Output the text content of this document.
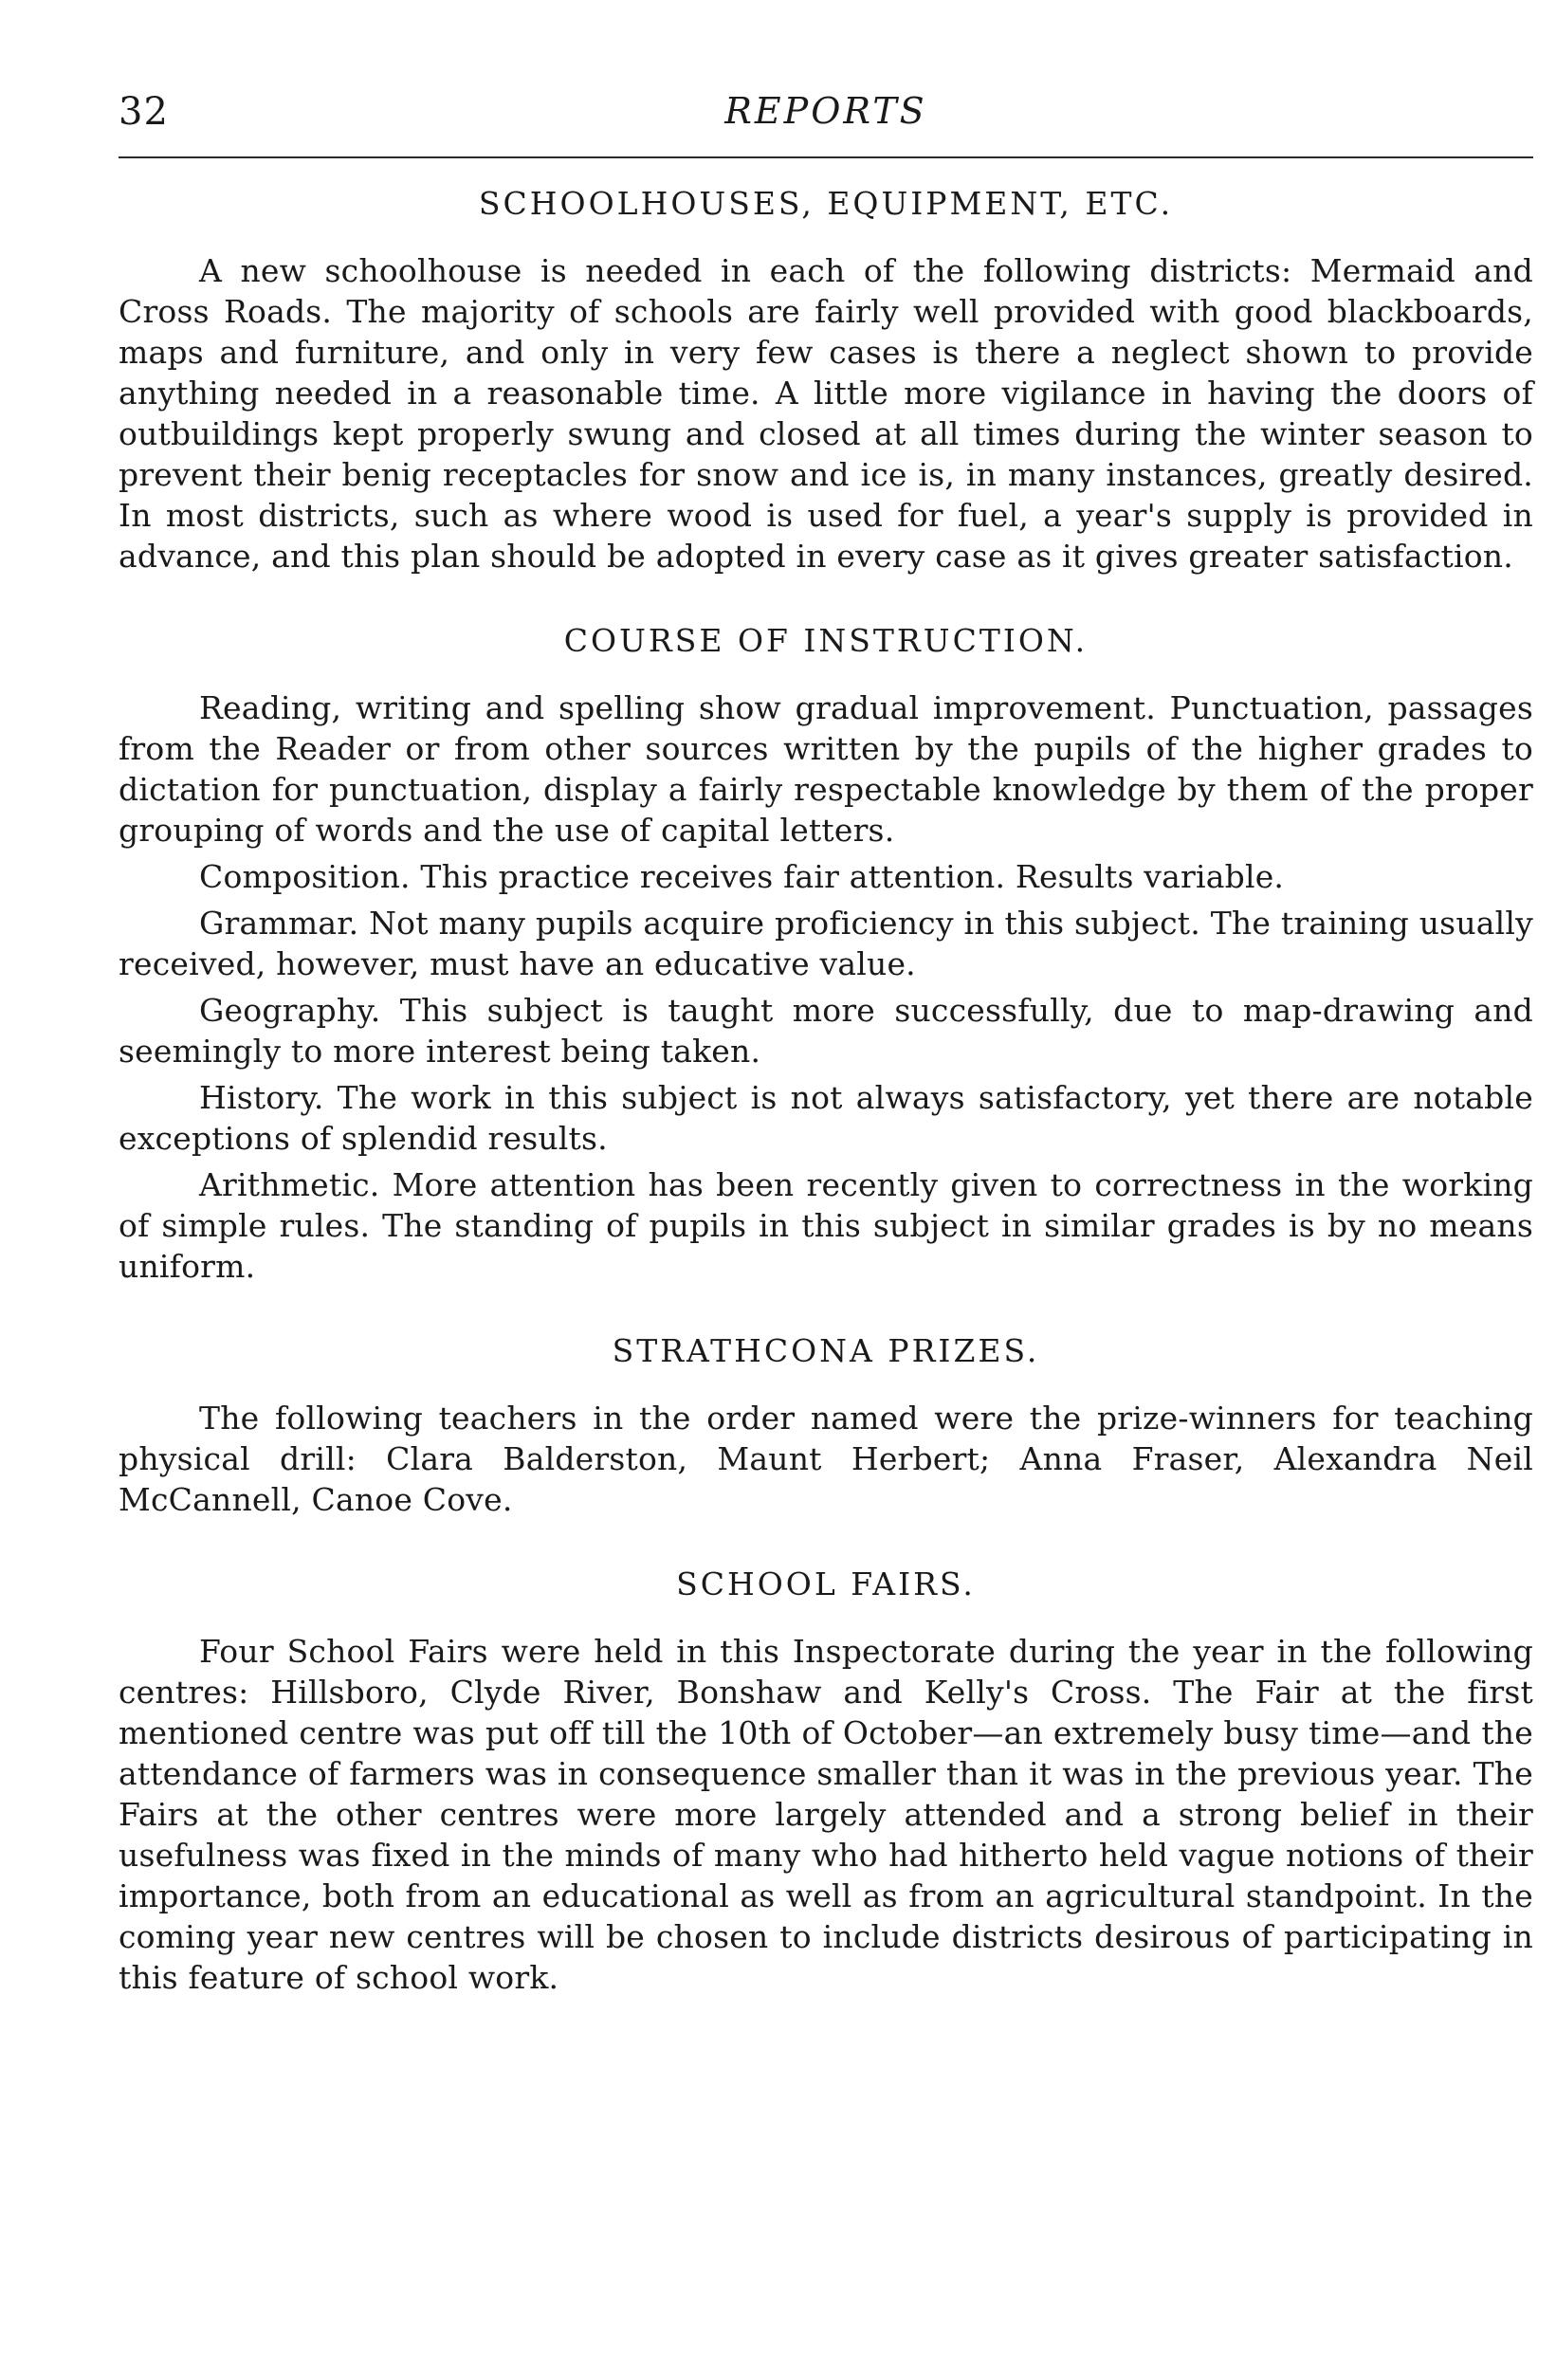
32	REPORTS
SCHOOLHOUSES, EQUIPMENT, ETC.

A new schoolhouse is needed in each of the following districts: Mermaid and Cross Roads. The majority of schools are fairly well provided with good blackboards, maps and furniture, and only in very few cases is there a neglect shown to provide anything needed in a reasonable time. A little more vigilance in having the doors of outbuildings kept properly swung and closed at all times during the winter season to prevent their benig receptacles for snow and ice is, in many instances, greatly desired. In most districts, such as where wood is used for fuel, a year's supply is provided in advance, and this plan should be adopted in every case as it gives greater satisfaction.

COURSE OF INSTRUCTION.

Reading, writing and spelling show gradual improvement. Punctuation, passages from the Reader or from other sources written by the pupils of the higher grades to dictation for punctuation, display a fairly respectable knowledge by them of the proper grouping of words and the use of capital letters.

Composition. This practice receives fair attention. Results variable.

Grammar. Not many pupils acquire proficiency in this subject. The training usually received, however, must have an educative value.

Geography. This subject is taught more successfully, due to map-drawing and seemingly to more interest being taken.

History. The work in this subject is not always satisfactory, yet there are notable exceptions of splendid results.

Arithmetic. More attention has been recently given to correctness in the working of simple rules. The standing of pupils in this subject in similar grades is by no means uniform.

STRATHCONA PRIZES.

The following teachers in the order named were the prize-winners for teaching physical drill: Clara Balderston, Maunt Herbert; Anna Fraser, Alexandra Neil McCannell, Canoe Cove.

SCHOOL FAIRS.

Four School Fairs were held in this Inspectorate during the year in the following centres: Hillsboro, Clyde River, Bonshaw and Kelly's Cross. The Fair at the first mentioned centre was put off till the 10th of October—an extremely busy time—and the attendance of farmers was in consequence smaller than it was in the previous year. The Fairs at the other centres were more largely attended and a strong belief in their usefulness was fixed in the minds of many who had hitherto held vague notions of their importance, both from an educational as well as from an agricultural standpoint. In the coming year new centres will be chosen to include districts desirous of participating in this feature of school work.
